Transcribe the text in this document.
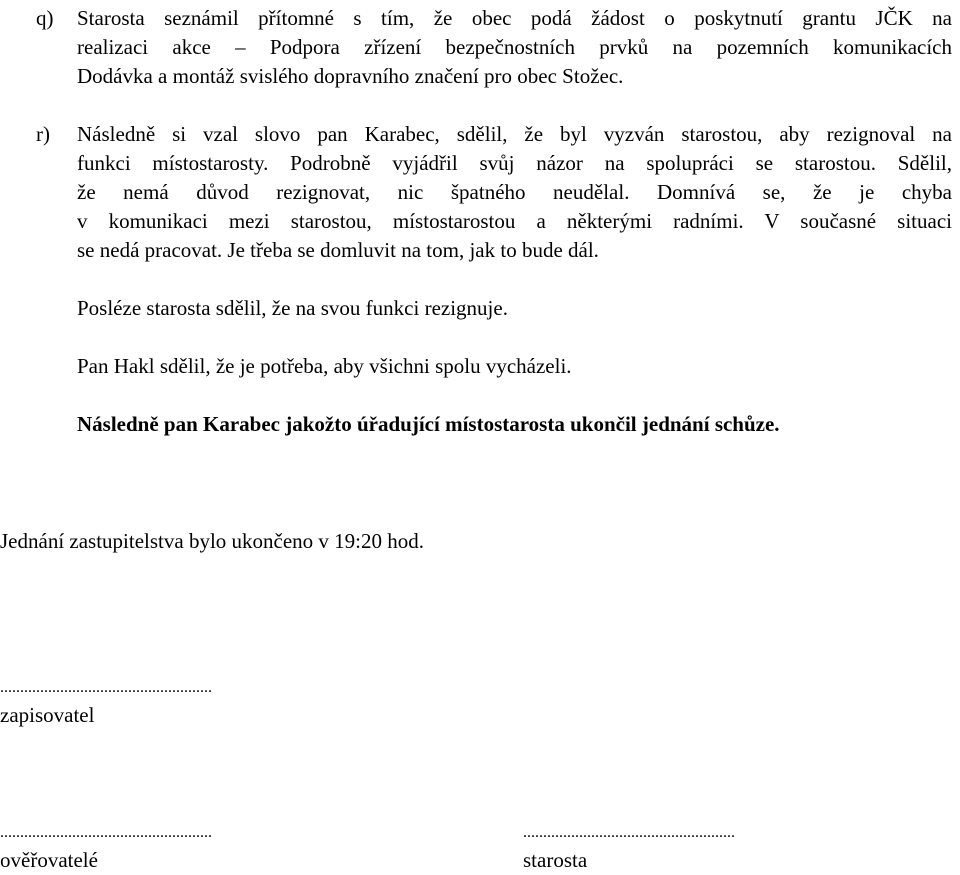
q) Starosta seznámil přítomné s tím, že obec podá žádost o poskytnutí grantu JČK na
realizaci akce – Podpora zřízení bezpečnostních prvků na pozemních komunikacích
Dodávka a montáž svislého dopravního značení pro obec Stožec.
r) Následně si vzal slovo pan Karabec, sdělil, že byl vyzván starostou, aby rezignoval na
funkci místostarosty. Podrobně vyjádřil svůj názor na spolupráci se starostou. Sdělil,
že nemá důvod rezignovat, nic špatného neudělal. Domnívá se, že je chyba
v komunikaci mezi starostou, místostarostou a některými radními. V současné situaci
se nedá pracovat. Je třeba se domluvit na tom, jak to bude dál.
Posléze starosta sdělil, že na svou funkci rezignuje.
Pan Hakl sdělil, že je potřeba, aby všichni spolu vycházeli.
Následně pan Karabec jakožto úřadující místostarosta ukončil jednání schůze.
Jednání zastupitelstva bylo ukončeno v 19:20 hod.
.....................................................
zapisovatel
.....................................................
ověřovatelé
.....................................................
starosta
